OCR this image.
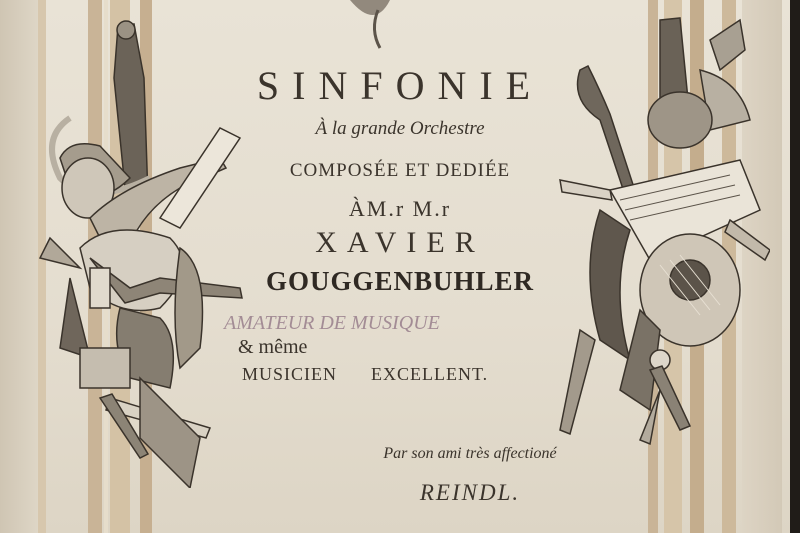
SINFONIE
À la grande Orchestre
COMPOSÉE ET DEDIÉE
ÀM.r M.r
XAVIER
GOUGGENBUHLER
AMATEUR DE MUSIQUE
& même
MUSICIEN EXCELLENT.
Par son ami très affectioné
REINDL.
